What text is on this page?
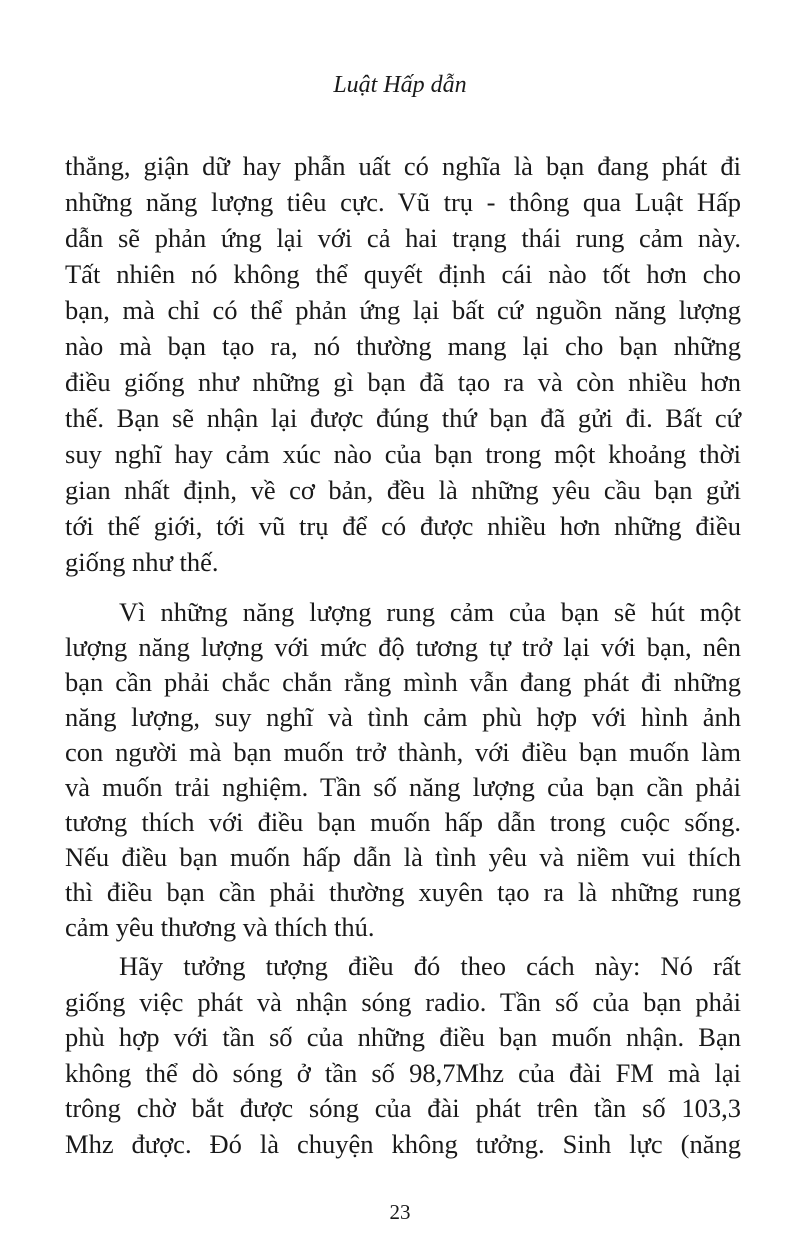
Luật Hấp dẫn
thẳng, giận dữ hay phẫn uất có nghĩa là bạn đang phát đi
những năng lượng tiêu cực. Vũ trụ - thông qua Luật Hấp
dẫn sẽ phản ứng lại với cả hai trạng thái rung cảm này.
Tất nhiên nó không thể quyết định cái nào tốt hơn cho
bạn, mà chỉ có thể phản ứng lại bất cứ nguồn năng lượng
nào mà bạn tạo ra, nó thường mang lại cho bạn những
điều giống như những gì bạn đã tạo ra và còn nhiều hơn
thế. Bạn sẽ nhận lại được đúng thứ bạn đã gửi đi. Bất cứ
suy nghĩ hay cảm xúc nào của bạn trong một khoảng thời
gian nhất định, về cơ bản, đều là những yêu cầu bạn gửi
tới thế giới, tới vũ trụ để có được nhiều hơn những điều
giống như thế.
Vì những năng lượng rung cảm của bạn sẽ hút một
lượng năng lượng với mức độ tương tự trở lại với bạn, nên
bạn cần phải chắc chắn rằng mình vẫn đang phát đi những
năng lượng, suy nghĩ và tình cảm phù hợp với hình ảnh
con người mà bạn muốn trở thành, với điều bạn muốn làm
và muốn trải nghiệm. Tần số năng lượng của bạn cần phải
tương thích với điều bạn muốn hấp dẫn trong cuộc sống.
Nếu điều bạn muốn hấp dẫn là tình yêu và niềm vui thích
thì điều bạn cần phải thường xuyên tạo ra là những rung
cảm yêu thương và thích thú.
Hãy tưởng tượng điều đó theo cách này: Nó rất
giống việc phát và nhận sóng radio. Tần số của bạn phải
phù hợp với tần số của những điều bạn muốn nhận. Bạn
không thể dò sóng ở tần số 98,7Mhz của đài FM mà lại
trông chờ bắt được sóng của đài phát trên tần số 103,3
Mhz được. Đó là chuyện không tưởng. Sinh lực (năng
23
